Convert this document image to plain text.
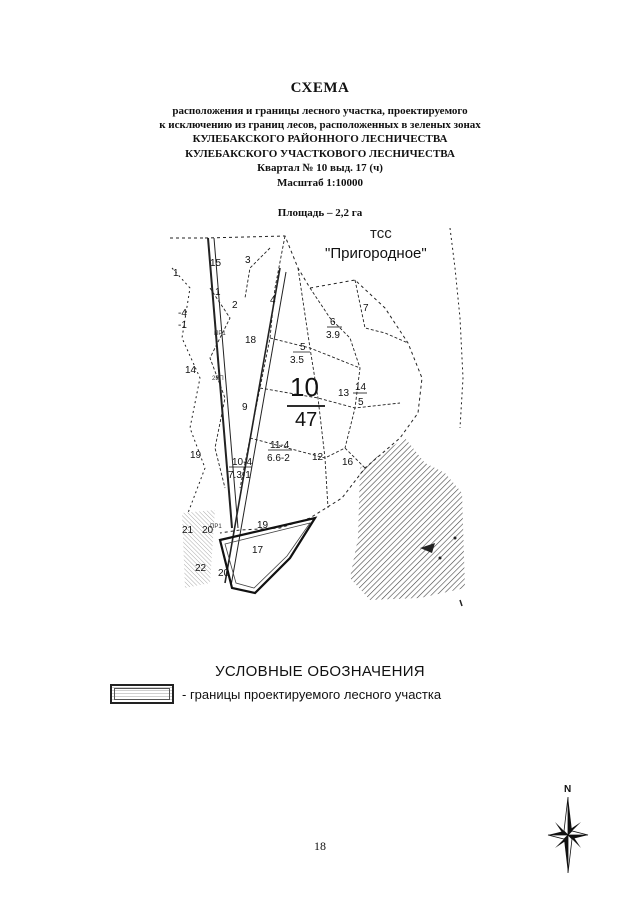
СХЕМА
расположения и границы лесного участка, проектируемого
к исключению из границ лесов, расположенных в зеленых зонах
КУЛЕБАКСКОГО РАЙОННОГО ЛЕСНИЧЕСТВА
КУЛЕБАКСКОГО УЧАСТКОВОГО ЛЕСНИЧЕСТВА
Квартал № 10 выд. 17 (ч)
Масштаб 1:10000
Площадь – 2,2 га
тсс
"Пригородное"
10
47
15 3
1
2	4
7
6
3.9
5
3.5
18
14
9
13
14
5
19
10-4
7.3-1
11-4
6.6-2 12 16
19
17
21 20
22 20
1
-4
-1
ПР1
2ВП
ПР1
УСЛОВНЫЕ ОБОЗНАЧЕНИЯ
- границы проектируемого лесного участка
18
N
